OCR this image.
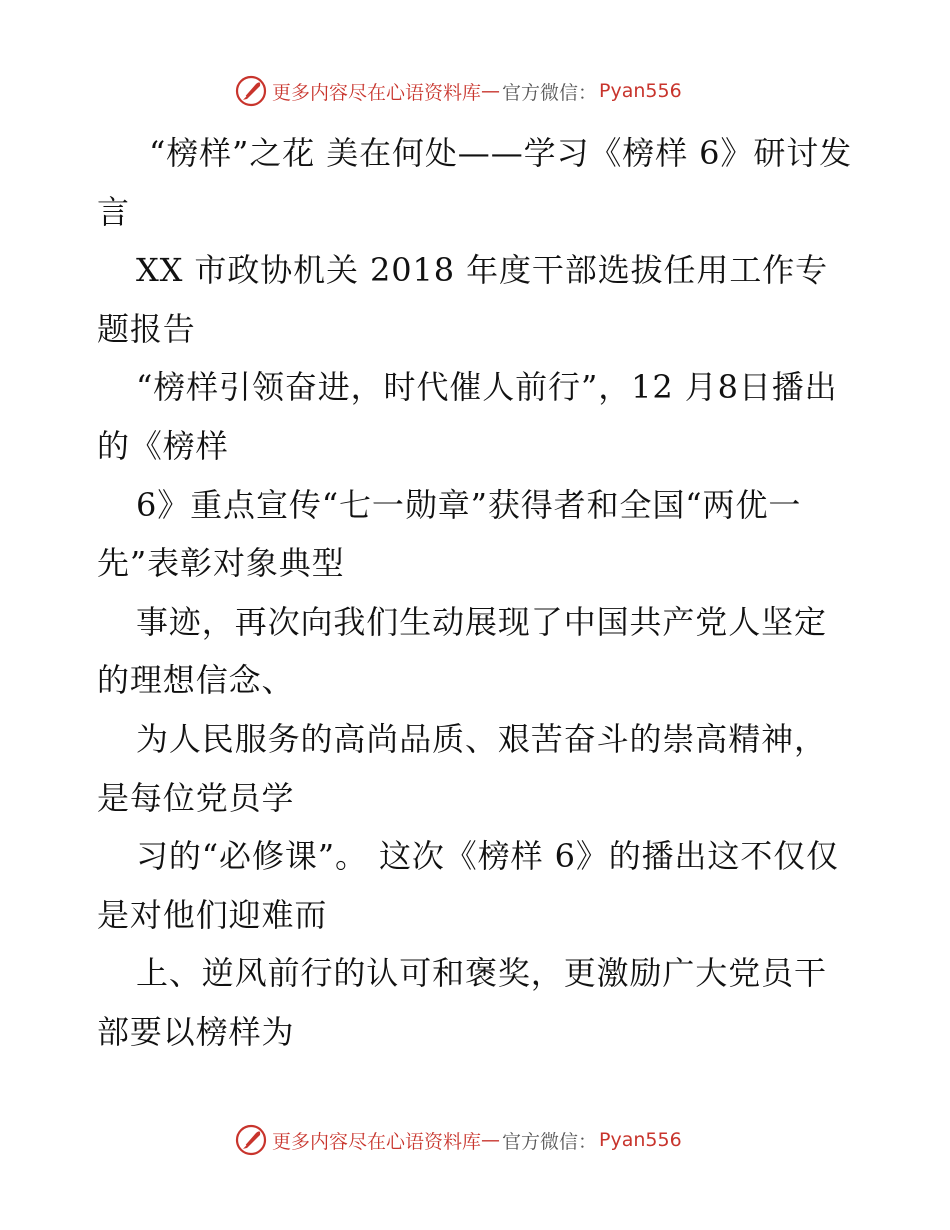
更多内容尽在心语资料库 — 官方微信： Pyan556

“榜样”之花 美在何处——学习《榜样 6》研讨发言

XX 市政协机关 2018 年度干部选拔任用工作专题报告

“榜样引领奋进，时代催人前行”，12 月8日播出的《榜样

6》重点宣传“七一勋章”获得者和全国“两优一先”表彰对象典型

事迹，再次向我们生动展现了中国共产党人坚定的理想信念、

为人民服务的高尚品质、艰苦奋斗的崇高精神，是每位党员学

习的“必修课”。 这次《榜样 6》的播出这不仅仅是对他们迎难而

上、逆风前行的认可和褒奖，更激励广大党员干部要以榜样为

更多内容尽在心语资料库 — 官方微信： Pyan556
